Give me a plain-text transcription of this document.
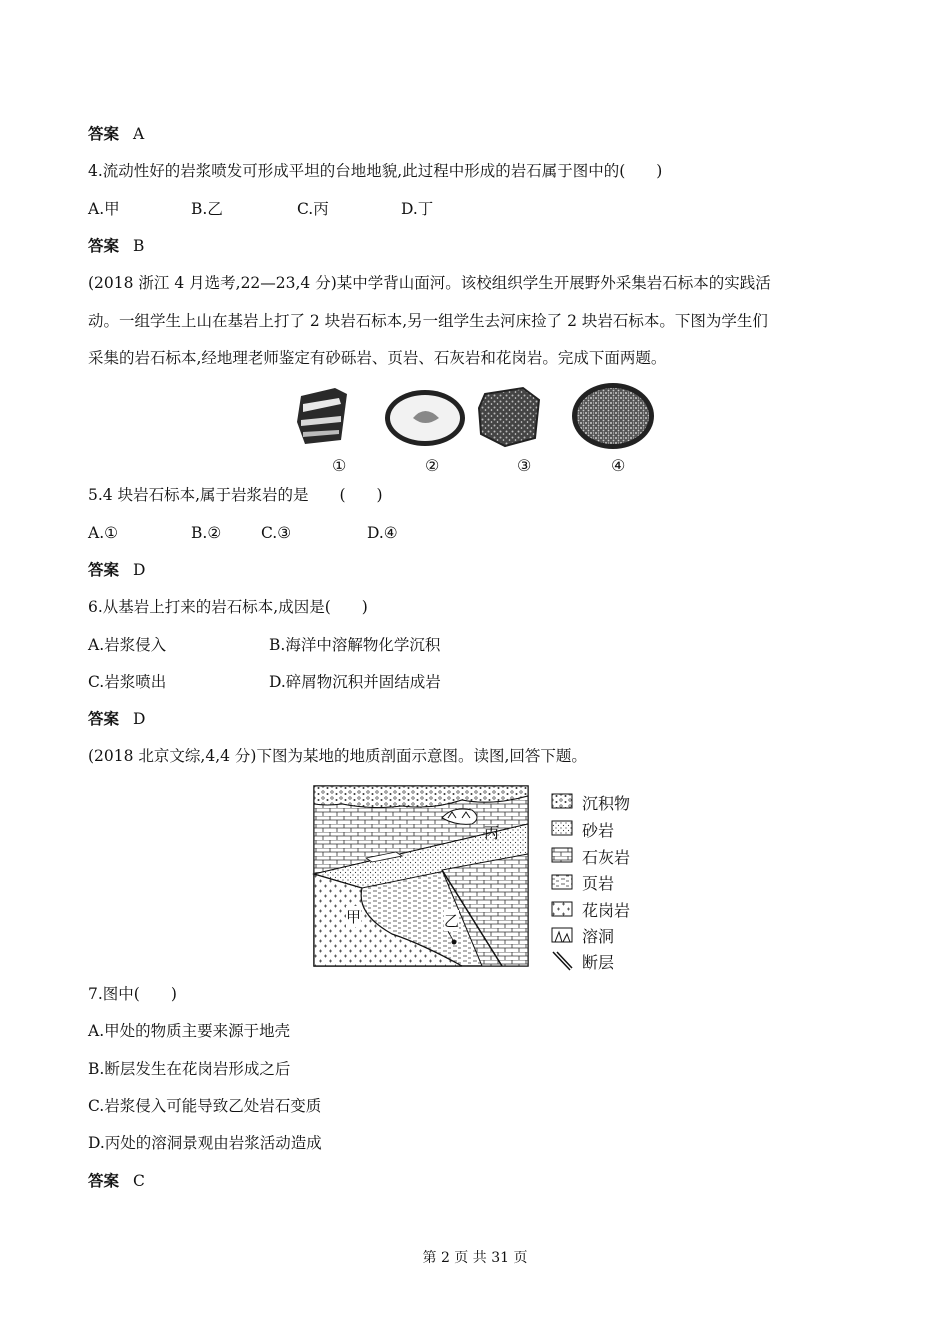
答案 A
4.流动性好的岩浆喷发可形成平坦的台地地貌,此过程中形成的岩石属于图中的(　　)
A.甲	B.乙	C.丙	D.丁
答案 B
(2018 浙江 4 月选考,22—23,4 分)某中学背山面河。该校组织学生开展野外采集岩石标本的实践活
动。一组学生上山在基岩上打了 2 块岩石标本,另一组学生去河床捡了 2 块岩石标本。下图为学生们
采集的岩石标本,经地理老师鉴定有砂砾岩、页岩、石灰岩和花岗岩。完成下面两题。
①	②	③	④
5.4 块岩石标本,属于岩浆岩的是　　(　　)
A.①	B.②	C.③	D.④
答案 D
6.从基岩上打来的岩石标本,成因是(　　)
A.岩浆侵入	B.海洋中溶解物化学沉积
C.岩浆喷出	D.碎屑物沉积并固结成岩
答案 D
(2018 北京文综,4,4 分)下图为某地的地质剖面示意图。读图,回答下题。
丙
甲	乙
沉积物
砂岩
石灰岩
页岩
花岗岩
溶洞
断层
7.图中(　　)
A.甲处的物质主要来源于地壳
B.断层发生在花岗岩形成之后
C.岩浆侵入可能导致乙处岩石变质
D.丙处的溶洞景观由岩浆活动造成
答案 C
第 2 页 共 31 页
